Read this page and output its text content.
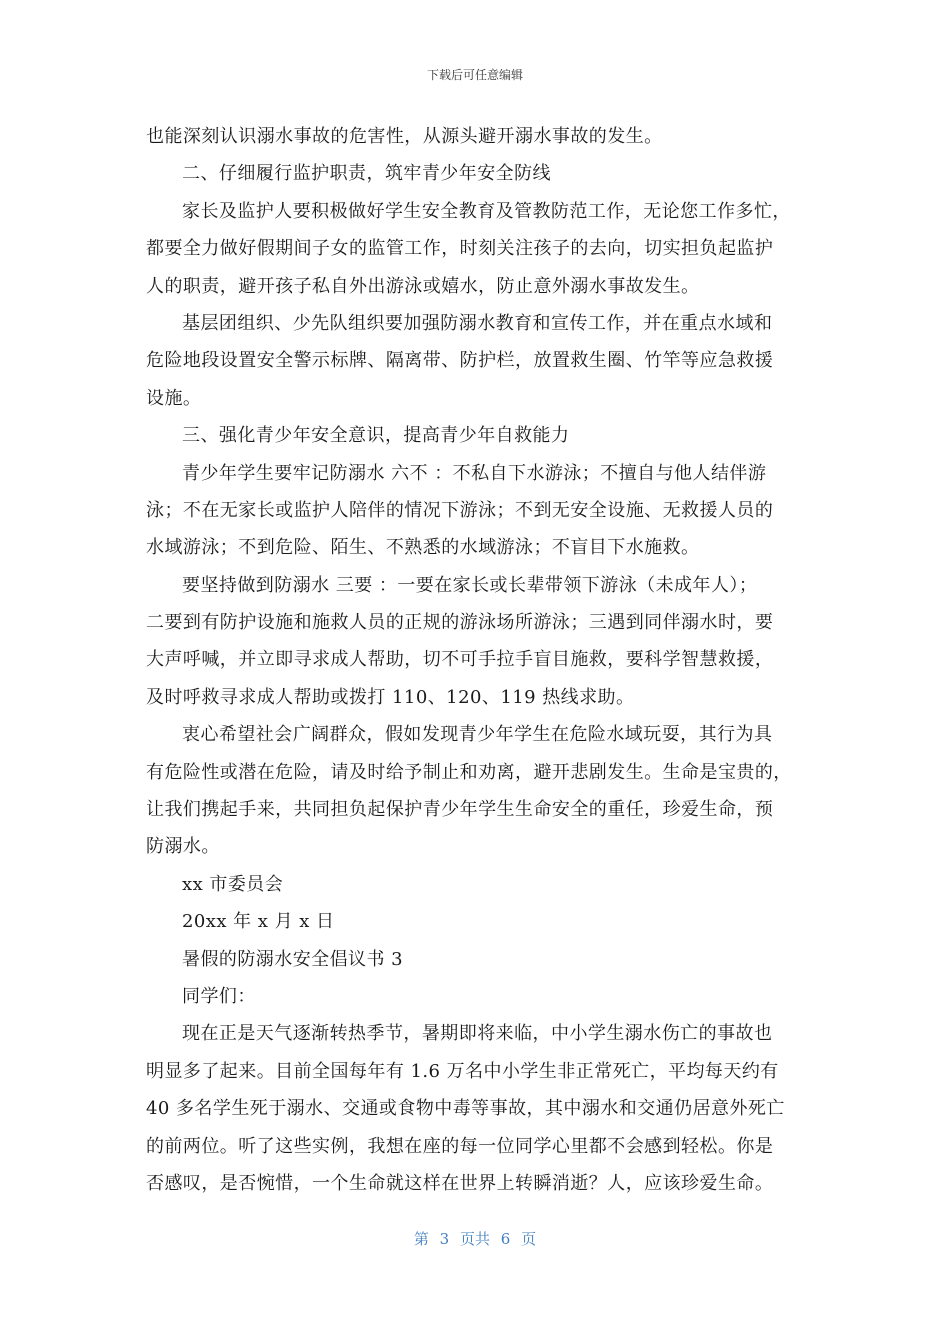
下载后可任意编辑
也能深刻认识溺水事故的危害性，从源头避开溺水事故的发生。
二、仔细履行监护职责，筑牢青少年安全防线
家长及监护人要积极做好学生安全教育及管教防范工作，无论您工作多忙，
都要全力做好假期间子女的监管工作，时刻关注孩子的去向，切实担负起监护
人的职责，避开孩子私自外出游泳或嬉水，防止意外溺水事故发生。
基层团组织、少先队组织要加强防溺水教育和宣传工作，并在重点水域和
危险地段设置安全警示标牌、隔离带、防护栏，放置救生圈、竹竿等应急救援
设施。
三、强化青少年安全意识，提高青少年自救能力
青少年学生要牢记防溺水 六不 ：不私自下水游泳；不擅自与他人结伴游
泳；不在无家长或监护人陪伴的情况下游泳；不到无安全设施、无救援人员的
水域游泳；不到危险、陌生、不熟悉的水域游泳；不盲目下水施救。
要坚持做到防溺水 三要 ：一要在家长或长辈带领下游泳（未成年人）；
二要到有防护设施和施救人员的正规的游泳场所游泳；三遇到同伴溺水时，要
大声呼喊，并立即寻求成人帮助，切不可手拉手盲目施救，要科学智慧救援，
及时呼救寻求成人帮助或拨打 110、120、119 热线求助。
衷心希望社会广阔群众，假如发现青少年学生在危险水域玩耍，其行为具
有危险性或潜在危险，请及时给予制止和劝离，避开悲剧发生。生命是宝贵的，
让我们携起手来，共同担负起保护青少年学生生命安全的重任，珍爱生命，预
防溺水。
xx 市委员会
20xx 年 x 月 x 日
暑假的防溺水安全倡议书 3
同学们：
现在正是天气逐渐转热季节，暑期即将来临，中小学生溺水伤亡的事故也
明显多了起来。目前全国每年有 1.6 万名中小学生非正常死亡，平均每天约有
40 多名学生死于溺水、交通或食物中毒等事故，其中溺水和交通仍居意外死亡
的前两位。听了这些实例，我想在座的每一位同学心里都不会感到轻松。你是
否感叹，是否惋惜，一个生命就这样在世界上转瞬消逝？人，应该珍爱生命。
第 3 页共 6 页
